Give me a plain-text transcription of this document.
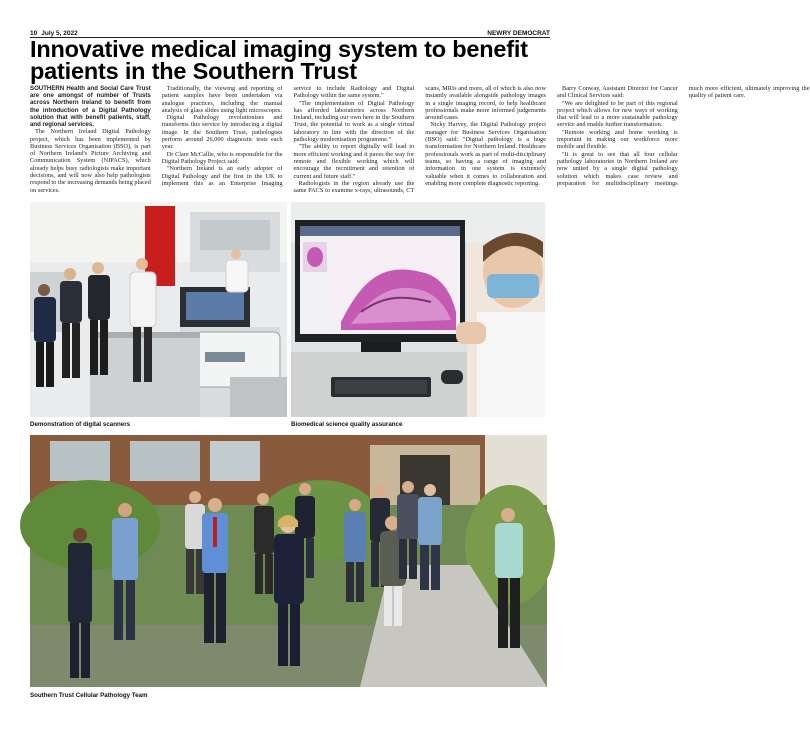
10 July 5, 2022	NEWRY DEMOCRAT
Innovative medical imaging system to benefit patients in the Southern Trust

SOUTHERN Health and Social Care Trust are one amongst of number of Trusts across Northern Ireland to benefit from the introduction of a Digital Pathology solution that with benefit patients, staff, and regional services.

The Northern Ireland Digital Pathology project, which has been implemented by Business Services Organisation (BSO), is part of Northern Ireland's Picture Archiving and Communication System (NIPACS), which already helps busy radiologists make important decisions, and will now also help pathologists respond to the increasing demands being placed on services.

Traditionally, the viewing and reporting of patient samples have been undertaken via analogue practices, including the manual analysis of glass slides using light microscopes.

Digital Pathology revolutionises and transforms this service by introducing a digital image. In the Southern Trust, pathologists perform around 26,000 diagnostic tests each year.

Dr Clare McCallie, who is responsible for the Digital Pathology Project said:

"Northern Ireland is an early adopter of Digital Pathology and the first in the UK to implement this as an Enterprise Imaging service to include Radiology and Digital Pathology within the same system."

"The implementation of Digital Pathology has afforded laboratories across Northern Ireland, including our own here in the Southern Trust, the potential to work as a single virtual laboratory in line with the direction of the pathology modernisation programme."

"The ability to report digitally will lead to more efficient working and it paves the way for remote and flexible working which will encourage the recruitment and retention of current and future staff."

Radiologists in the region already use the same PACS to examine x-rays, ultrasounds, CT scans, MRIs and more, all of which is also now instantly available alongside pathology images in a single imaging record, to help healthcare professionals make more informed judgements around cases.

Nicky Harvey, the Digital Pathology project manager for Business Services Organisation (BSO) said: "Digital pathology is a huge transformation for Northern Ireland. Healthcare professionals work as part of multi-disciplinary teams, so having a range of imaging and information in one system is extremely valuable when it comes to collaboration and enabling more complete diagnostic reporting.

Barry Conway, Assistant Director for Cancer and Clinical Services said:

"We are delighted to be part of this regional project which allows for new ways of working that will lead to a more sustainable pathology service and enable further transformation.

"Remote working and home working is important in making our workforce more mobile and flexible.

"It is great to see that all four cellular pathology laboratories in Northern Ireland are now united by a single digital pathology solution which makes case review and preparation for multidisciplinary meetings much more efficient, ultimately improving the quality of patient care.

Demonstration of digital scanners	Biomedical science quality assurance
Southern Trust Cellular Pathology Team
